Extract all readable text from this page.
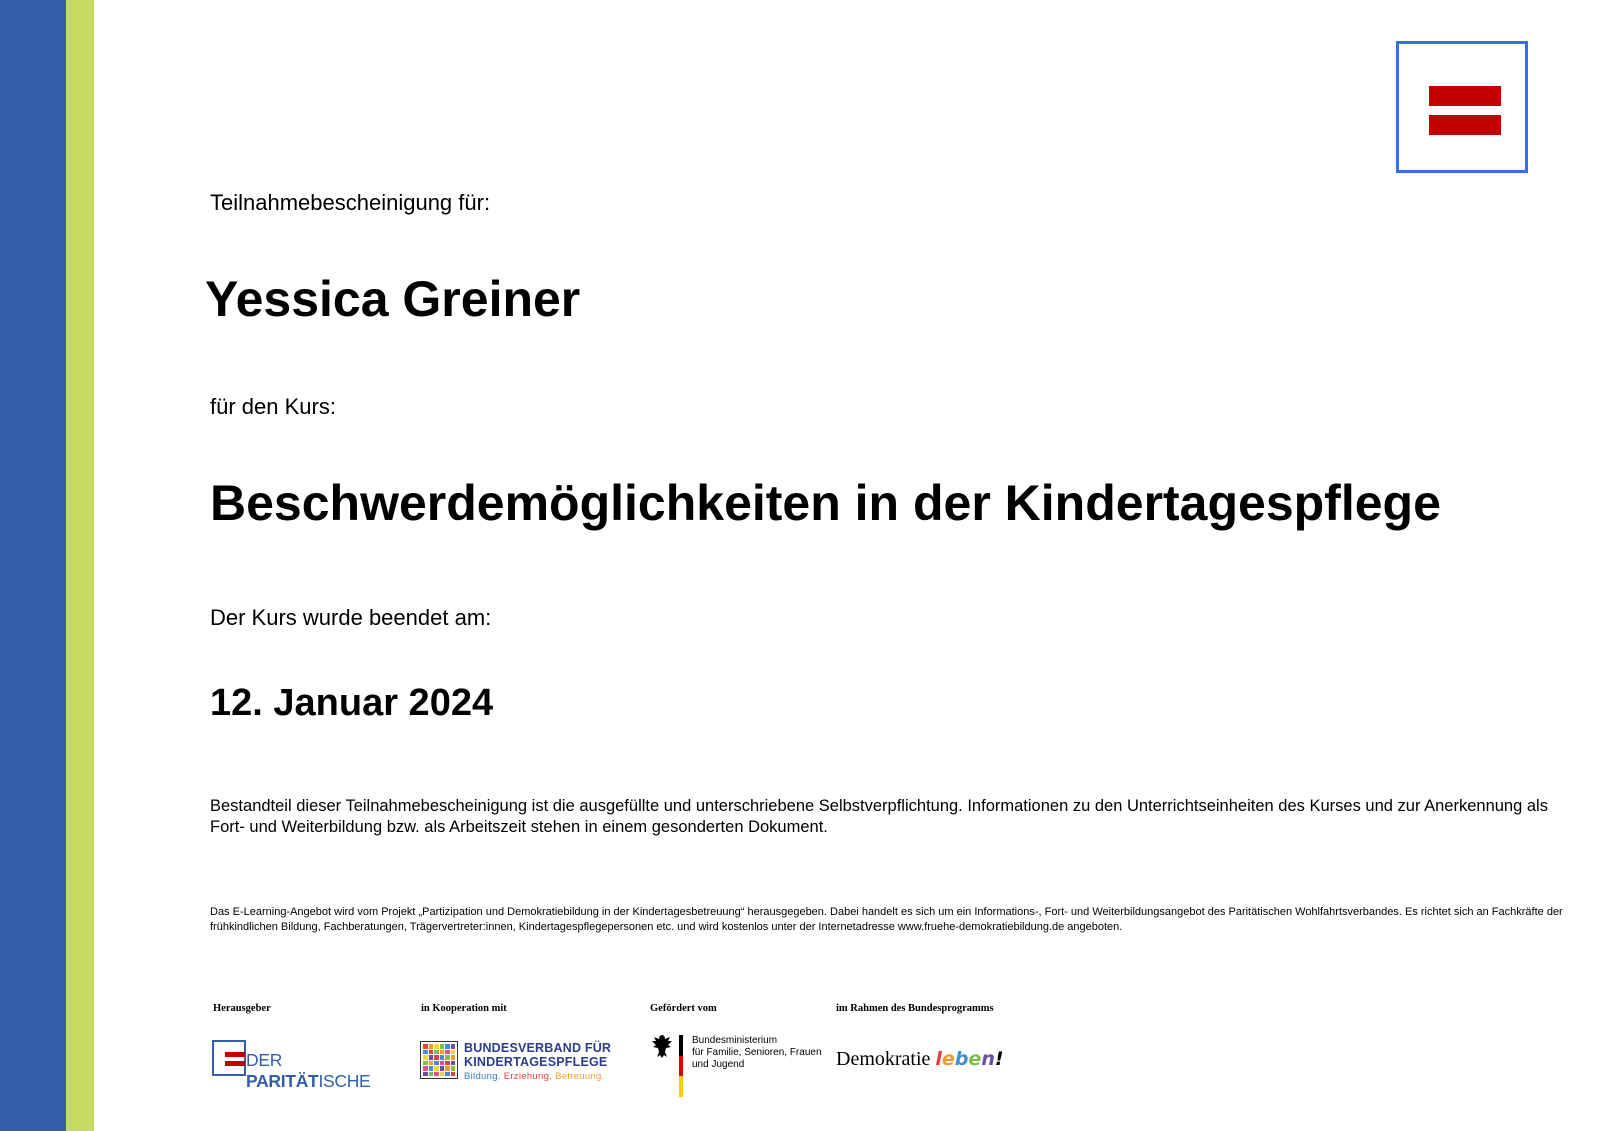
Teilnahmebescheinigung für:
Yessica Greiner
für den Kurs:
Beschwerdemöglichkeiten in der Kindertagespflege
Der Kurs wurde beendet am:
12. Januar 2024
Bestandteil dieser Teilnahmebescheinigung ist die ausgefüllte und unterschriebene Selbstverpflichtung. Informationen zu den Unterrichtseinheiten des Kurses und zur Anerkennung als Fort- und Weiterbildung bzw. als Arbeitszeit stehen in einem gesonderten Dokument.
Das E-Learning-Angebot wird vom Projekt „Partizipation und Demokratiebildung in der Kindertagesbetreuung“ herausgegeben. Dabei handelt es sich um ein Informations-, Fort- und Weiterbildungsangebot des Paritätischen Wohlfahrtsverbandes. Es richtet sich an Fachkräfte der frühkindlichen Bildung, Fachberatungen, Trägervertreter:innen, Kindertagespflegepersonen etc. und wird kostenlos unter der Internetadresse www.fruehe-demokratiebildung.de angeboten.
Herausgeber	in Kooperation mit	Gefördert vom	im Rahmen des Bundesprogramms
DER PARITÄTISCHE
BUNDESVERBAND FÜR
KINDERTAGESPFLEGE
Bildung. Erziehung. Betreuung.
Bundesministerium
für Familie, Senioren, Frauen
und Jugend	Demokratie leben!
